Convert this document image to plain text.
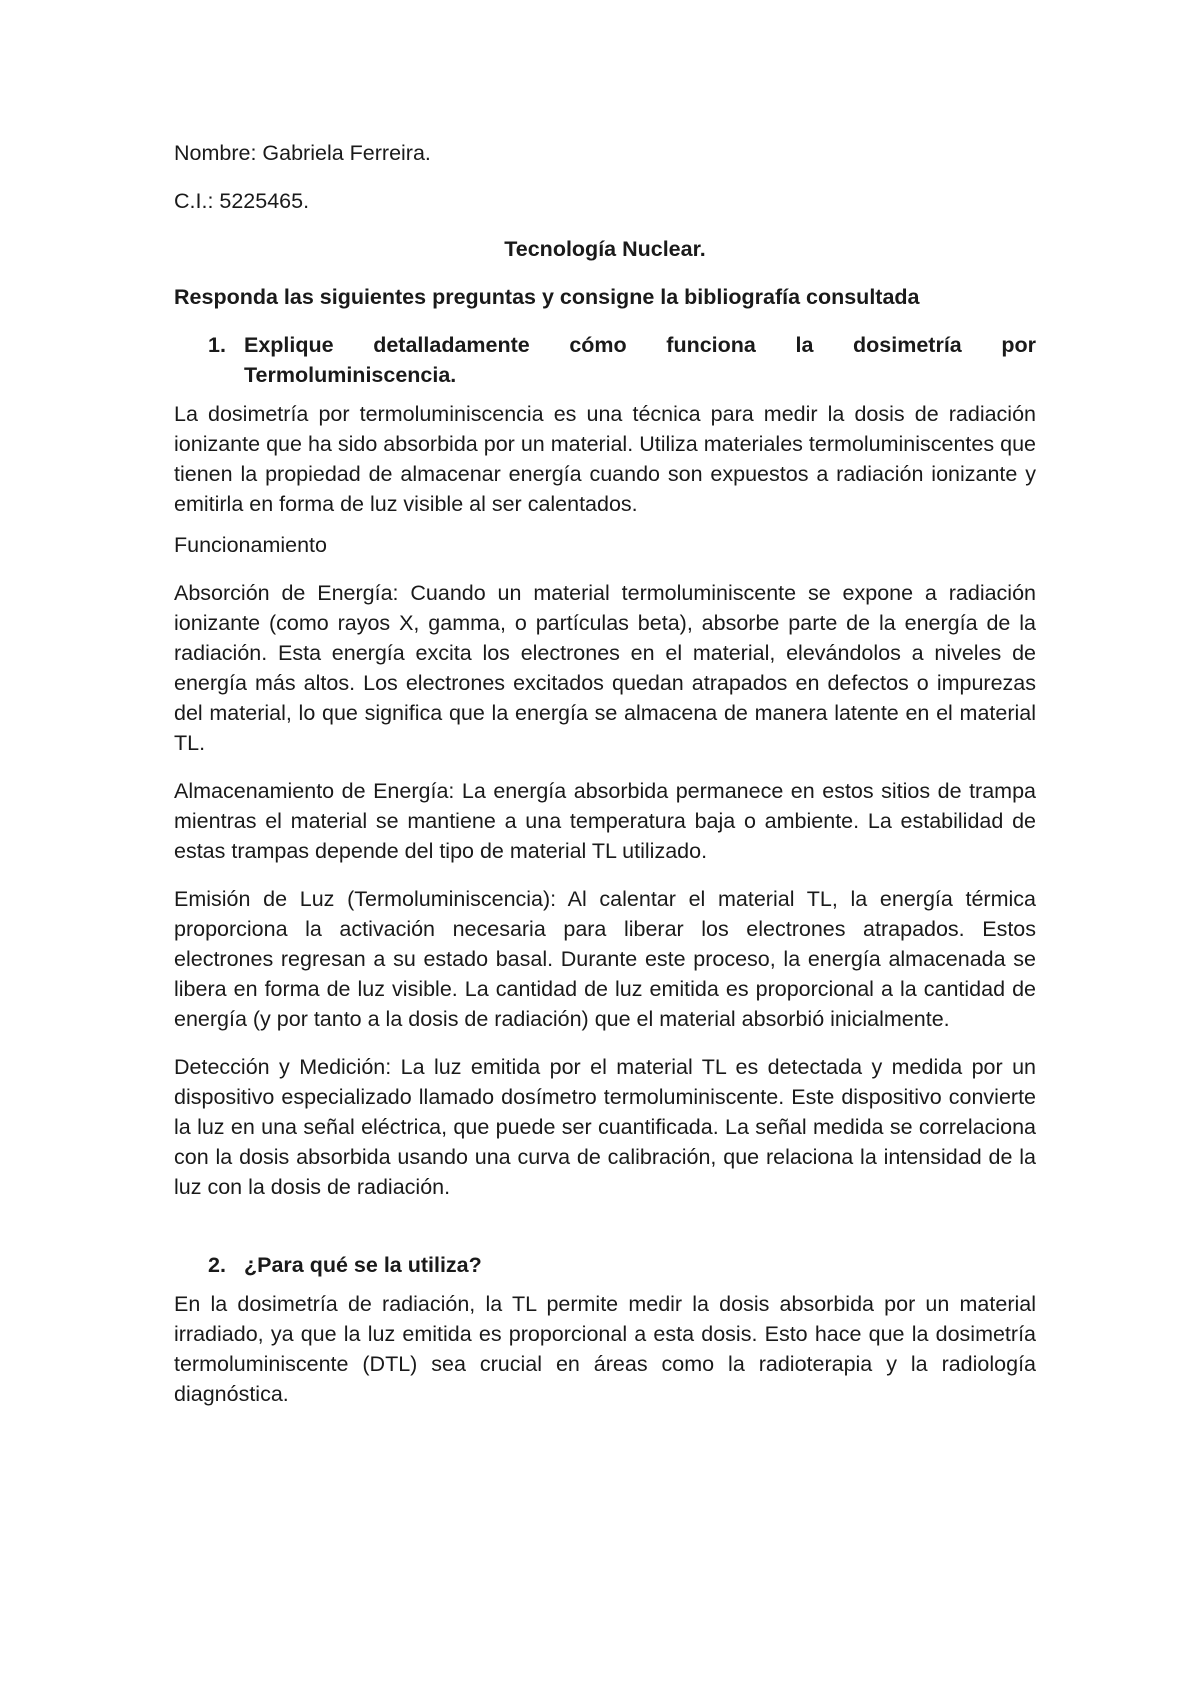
Nombre: Gabriela Ferreira.

C.I.: 5225465.

Tecnología Nuclear.

Responda las siguientes preguntas y consigne la bibliografía consultada

1. Explique detalladamente cómo funciona la dosimetría por Termoluminiscencia.

La dosimetría por termoluminiscencia es una técnica para medir la dosis de radiación ionizante que ha sido absorbida por un material. Utiliza materiales termoluminiscentes que tienen la propiedad de almacenar energía cuando son expuestos a radiación ionizante y emitirla en forma de luz visible al ser calentados.

Funcionamiento

Absorción de Energía: Cuando un material termoluminiscente se expone a radiación ionizante (como rayos X, gamma, o partículas beta), absorbe parte de la energía de la radiación. Esta energía excita los electrones en el material, elevándolos a niveles de energía más altos. Los electrones excitados quedan atrapados en defectos o impurezas del material, lo que significa que la energía se almacena de manera latente en el material TL.

Almacenamiento de Energía: La energía absorbida permanece en estos sitios de trampa mientras el material se mantiene a una temperatura baja o ambiente. La estabilidad de estas trampas depende del tipo de material TL utilizado.

Emisión de Luz (Termoluminiscencia): Al calentar el material TL, la energía térmica proporciona la activación necesaria para liberar los electrones atrapados. Estos electrones regresan a su estado basal. Durante este proceso, la energía almacenada se libera en forma de luz visible. La cantidad de luz emitida es proporcional a la cantidad de energía (y por tanto a la dosis de radiación) que el material absorbió inicialmente.

Detección y Medición: La luz emitida por el material TL es detectada y medida por un dispositivo especializado llamado dosímetro termoluminiscente. Este dispositivo convierte la luz en una señal eléctrica, que puede ser cuantificada. La señal medida se correlaciona con la dosis absorbida usando una curva de calibración, que relaciona la intensidad de la luz con la dosis de radiación.

2. ¿Para qué se la utiliza?

En la dosimetría de radiación, la TL permite medir la dosis absorbida por un material irradiado, ya que la luz emitida es proporcional a esta dosis. Esto hace que la dosimetría termoluminiscente (DTL) sea crucial en áreas como la radioterapia y la radiología diagnóstica.
